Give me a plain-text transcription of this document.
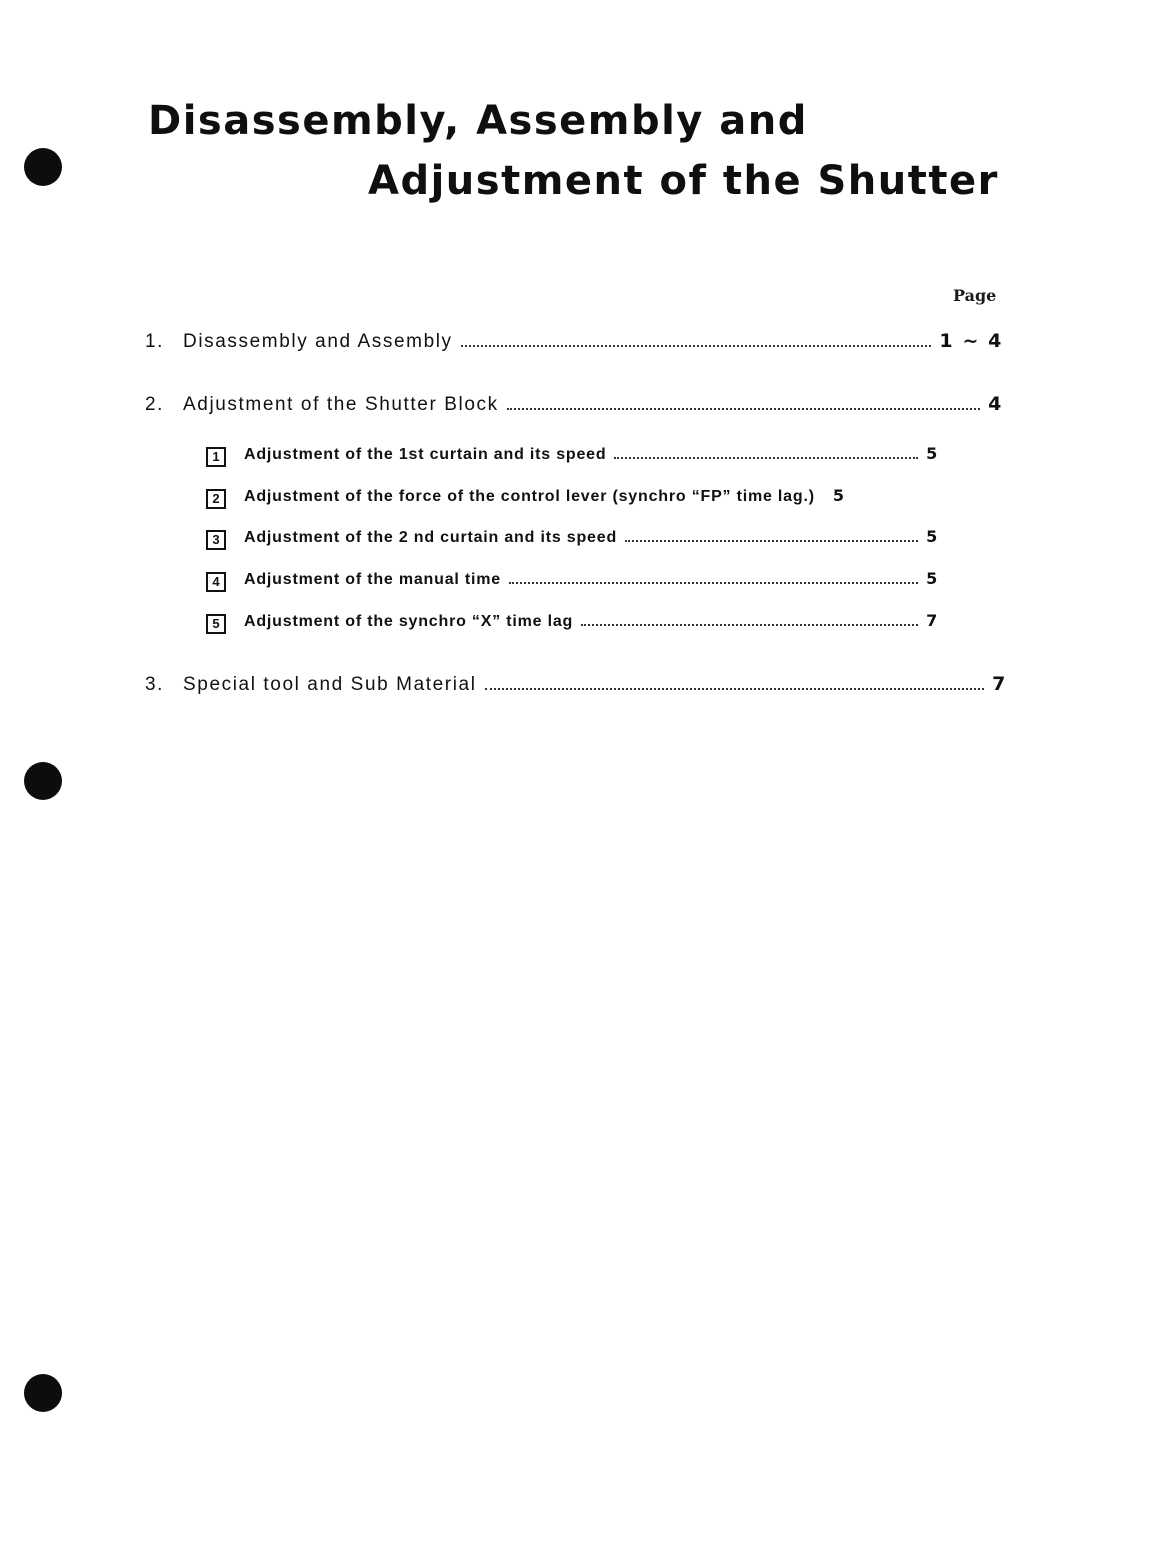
Disassembly, Assembly and
Adjustment of the Shutter
Page
1. Disassembly and Assembly	1 ~ 4
2. Adjustment of the Shutter Block	4
1	Adjustment of the 1st curtain and its speed	5
2	Adjustment of the force of the control lever (synchro “FP” time lag.) 5
3	Adjustment of the 2 nd curtain and its speed	5
4	Adjustment of the manual time	5
5	Adjustment of the synchro “X” time lag	7
3. Special tool and Sub Material	7
